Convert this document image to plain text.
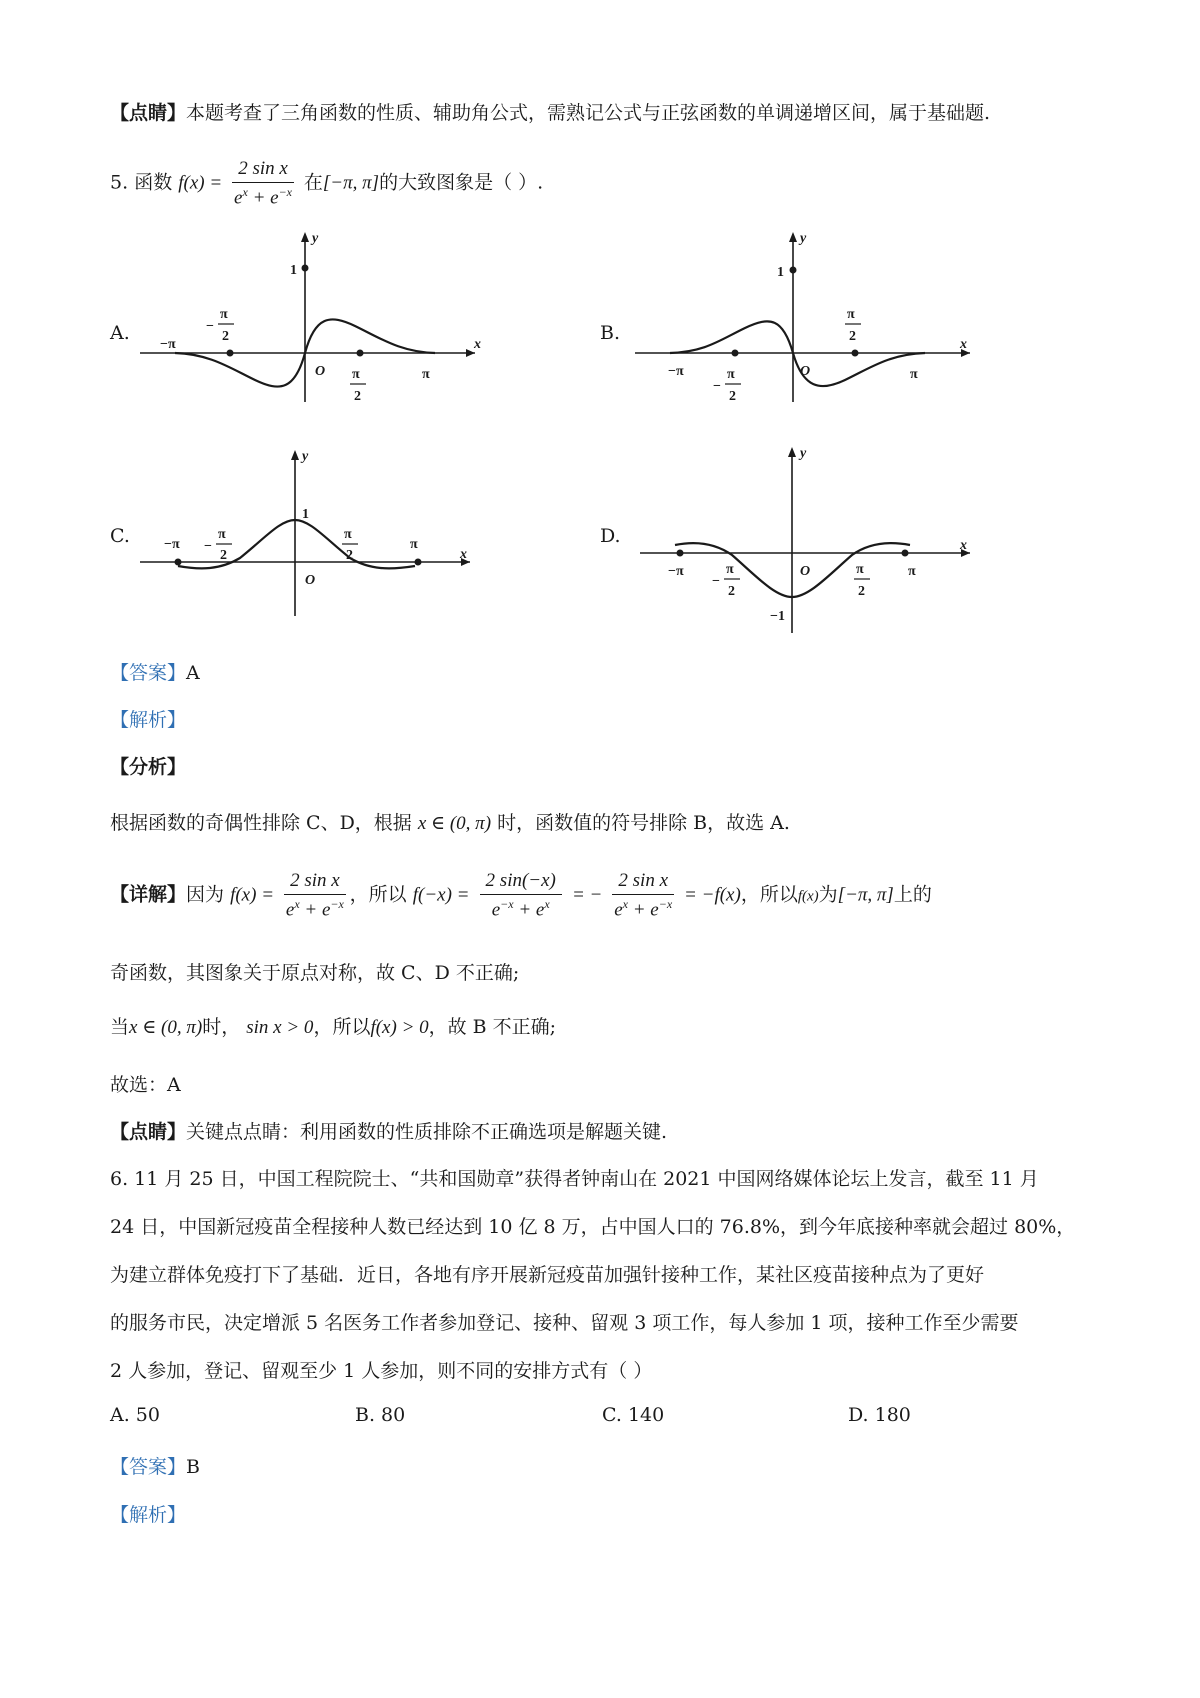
【点睛】本题考查了三角函数的性质、辅助角公式，需熟记公式与正弦函数的单调递增区间，属于基础题.
5. 函数 $f(x) = \frac{\text{2 sin x}}{e^x + e^{-x}}$ 在[−π, π]的大致图象是（ ）.
A.
y
x
1
O
−π
π
−
π
2
π
2
B.
y
x
1
O
−π	π
−
π
2
π
2
C.
y
x
1
O
−π	π
−
π
2
π
2
D.
y
x
O
−1
−π	π
−
π
2
π
2
【答案】A
【解析】
【分析】
根据函数的奇偶性排除 C、D，根据 x ∈ (0, π) 时，函数值的符号排除 B，故选 A.
【详解】因为 $f(x) = \frac{\text{2 sin x}}{e^x + e^{-x}}$ ，所以 $f(-x) = \frac{2 \sin(-x)}{e^{-x} + e^x}$ = − $\frac{\text{2 sin x}}{e^x + e^{-x}} = -f(x)$，所以f(x)为[−π, π]上的
奇函数，其图象关于原点对称，故 C、D 不正确;
当x ∈ (0, π)时， sin x > 0，所以f(x) > 0，故 B 不正确;
故选：A
【点睛】关键点点睛：利用函数的性质排除不正确选项是解题关键.
6. 11 月 25 日，中国工程院院士、“共和国勋章”获得者钟南山在 2021 中国网络媒体论坛上发言，截至 11 月
24 日，中国新冠疫苗全程接种人数已经达到 10 亿 8 万，占中国人口的 76.8%，到今年底接种率就会超过 80%，
为建立群体免疫打下了基础．近日，各地有序开展新冠疫苗加强针接种工作，某社区疫苗接种点为了更好
的服务市民，决定增派 5 名医务工作者参加登记、接种、留观 3 项工作，每人参加 1 项，接种工作至少需要
2 人参加，登记、留观至少 1 人参加，则不同的安排方式有（ ）
A. 50	B. 80	C. 140	D. 180
【答案】B
【解析】
